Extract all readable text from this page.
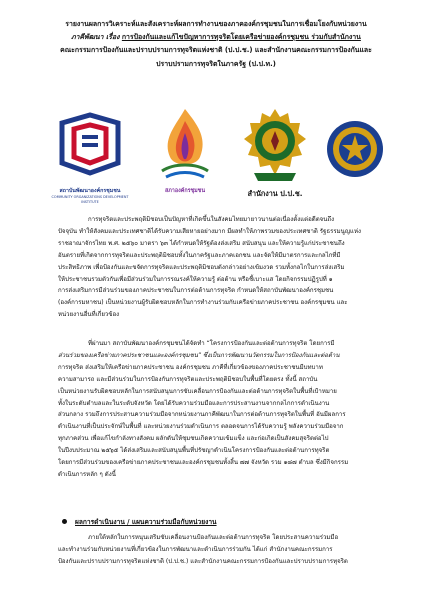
รายงานผลการวิเคราะห์และสังเคราะห์ผลการทำงานของภาคองค์กรชุมชนในการเชื่อมโยงกับหน่วยงาน
ภาคีพัฒนา เรื่อง การป้องกันและแก้ไขปัญหาการทุจริตโดยเครือข่ายองค์กรชุมชน ร่วมกับสำนักงาน
คณะกรรมการป้องกันและปราบปรามการทุจริตแห่งชาติ (ป.ป.ช.) และสำนักงานคณะกรรมการป้องกันและ
ปราบปรามการทุจริตในภาครัฐ (ป.ป.ท.)
สถาบันพัฒนาองค์กรชุมชน
COMMUNITY ORGANIZATIONS DEVELOPMENT INSTITUTE
สภาองค์กรชุมชน	สำนักงาน ป.ป.ช.
การทุจริตและประพฤติมิชอบเป็นปัญหาที่เกิดขึ้นในสังคมไทยมายาวนานต่อเนื่องตั้งแต่อดีตจนถึง
ปัจจุบัน ทำให้สังคมและประเทศชาติได้รับความเสียหายอย่างมาก มีผลทำให้ภาพรวมของประเทศชาติ รัฐธรรมนูญแห่ง
ราชอาณาจักรไทย พ.ศ. ๒๕๖๐ มาตรา ๖๓ ได้กำหนดให้รัฐต้องส่งเสริม สนับสนุน และให้ความรู้แก่ประชาชนถึง
อันตรายที่เกิดจากการทุจริตและประพฤติมิชอบทั้งในภาครัฐและภาคเอกชน และจัดให้มีมาตรการและกลไกที่มี
ประสิทธิภาพ เพื่อป้องกันและขจัดการทุจริตและประพฤติมิชอบดังกล่าวอย่างเข้มงวด รวมทั้งกลไกในการส่งเสริม
ให้ประชาชนรวมตัวกันเพื่อมีส่วนร่วมในการรณรงค์ให้ความรู้ ต่อต้าน หรือชี้เบาะแส โดยกิจกรรมปฏิรูปที่ ๑
การส่งเสริมการมีส่วนร่วมของภาคประชาชนในการต่อต้านการทุจริต กำหนดให้สถาบันพัฒนาองค์กรชุมชน
(องค์การมหาชน) เป็นหน่วยงานผู้รับผิดชอบหลักในการทำงานร่วมกับเครือข่ายภาคประชาชน องค์กรชุมชน และ
หน่วยงานอื่นที่เกี่ยวข้อง
ที่ผ่านมา สถาบันพัฒนาองค์กรชุมชนได้จัดทำ “โครงการป้องกันและต่อต้านการทุจริต โดยการมี
ส่วนร่วมของเครือข่ายภาคประชาชนและองค์กรชุมชน” ซึ่งเป็นการพัฒนานวัตกรรมในการป้องกันและต่อต้าน
การทุจริต ส่งเสริมให้เครือข่ายภาคประชาชน องค์กรชุมชน ภาคีที่เกี่ยวข้องของภาคประชาชนมีบทบาท
ความสามารถ และมีส่วนร่วมในการป้องกันการทุจริตและประพฤติมิชอบในพื้นที่โดยตรง ทั้งนี้ สถาบัน
เป็นหน่วยงานรับผิดชอบหลักในการสนับสนุนการขับเคลื่อนการป้องกันและต่อต้านการทุจริตในพื้นที่เป้าหมาย
ทั้งในระดับตำบลและในระดับจังหวัด โดยได้รับความร่วมมือและการประสานงานจากกลไกการดำเนินงาน
ส่วนกลาง รวมถึงการประสานความร่วมมือจากหน่วยงานภาคีพัฒนาในการต่อต้านการทุจริตในพื้นที่ อันมีผลการ
ดำเนินงานที่เป็นประจักษ์ในพื้นที่ และหน่วยงานร่วมดำเนินการ ตลอดจนการได้รับความรู้ พลังความร่วมมือจาก
ทุกภาคส่วน เพื่อแก้ไขกำลังทางสังคม ผลักดันให้ชุมชนเกิดความเข้มแข็ง และก่อเกิดเป็นสังคมสุจริตต่อไป
ในปีงบประมาณ ๒๕๖๕ ได้ส่งเสริมและสนับสนุนพื้นที่ปรัชญาดำเนินโครงการป้องกันและต่อต้านการทุจริต
โดยการมีส่วนร่วมของเครือข่ายภาคประชาชนและองค์กรชุมชนทั้งสิ้น ๗๗ จังหวัด รวม ๑๘๗ ตำบล ซึ่งมีกิจกรรม
ดำเนินการหลัก ๆ ดังนี้
ผลการดำเนินงาน / แผนความร่วมมือกับหน่วยงาน
ภายใต้หลักในการหนุนเสริมขับเคลื่อนงานป้องกันและต่อต้านการทุจริต โดยประสานความร่วมมือ
และทำงานร่วมกับหน่วยงานที่เกี่ยวข้องในการพัฒนาและดำเนินการร่วมกัน ได้แก่ สำนักงานคณะกรรมการ
ป้องกันและปราบปรามการทุจริตแห่งชาติ (ป.ป.ช.) และสำนักงานคณะกรรมการป้องกันและปราบปรามการทุจริต
